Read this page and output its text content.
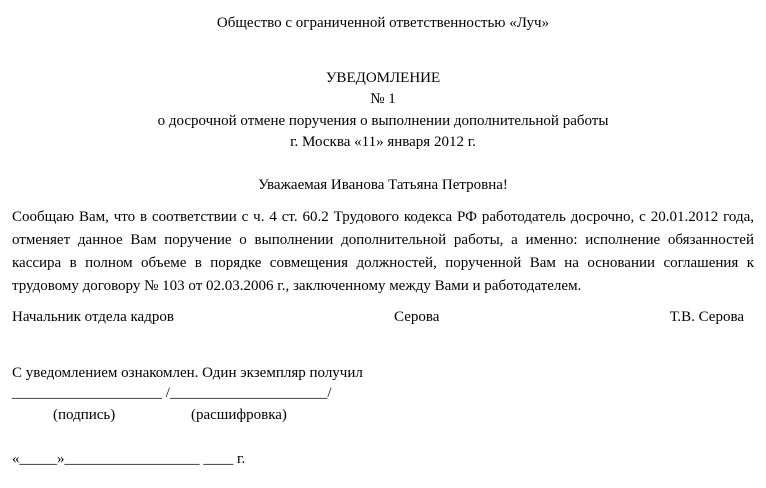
Общество с ограниченной ответственностью «Луч»
УВЕДОМЛЕНИЕ
№ 1
о досрочной отмене поручения о выполнении дополнительной работы
г. Москва «11» января 2012 г.
Уважаемая Иванова Татьяна Петровна!
Сообщаю Вам, что в соответствии с ч. 4 ст. 60.2 Трудового кодекса РФ работодатель досрочно, с 20.01.2012 года, отменяет данное Вам поручение о выполнении дополнительной работы, а именно: исполнение обязанностей кассира в полном объеме в порядке совмещения должностей, порученной Вам на основании соглашения к трудовому договору № 103 от 02.03.2006 г., заключенному между Вами и работодателем.
Начальник отдела кадров	Серова	Т.В. Серова
С уведомлением ознакомлен. Один экземпляр получил
____________________ /_____________________/
(подпись)	(расшифровка)
«_____»__________________ ____ г.
